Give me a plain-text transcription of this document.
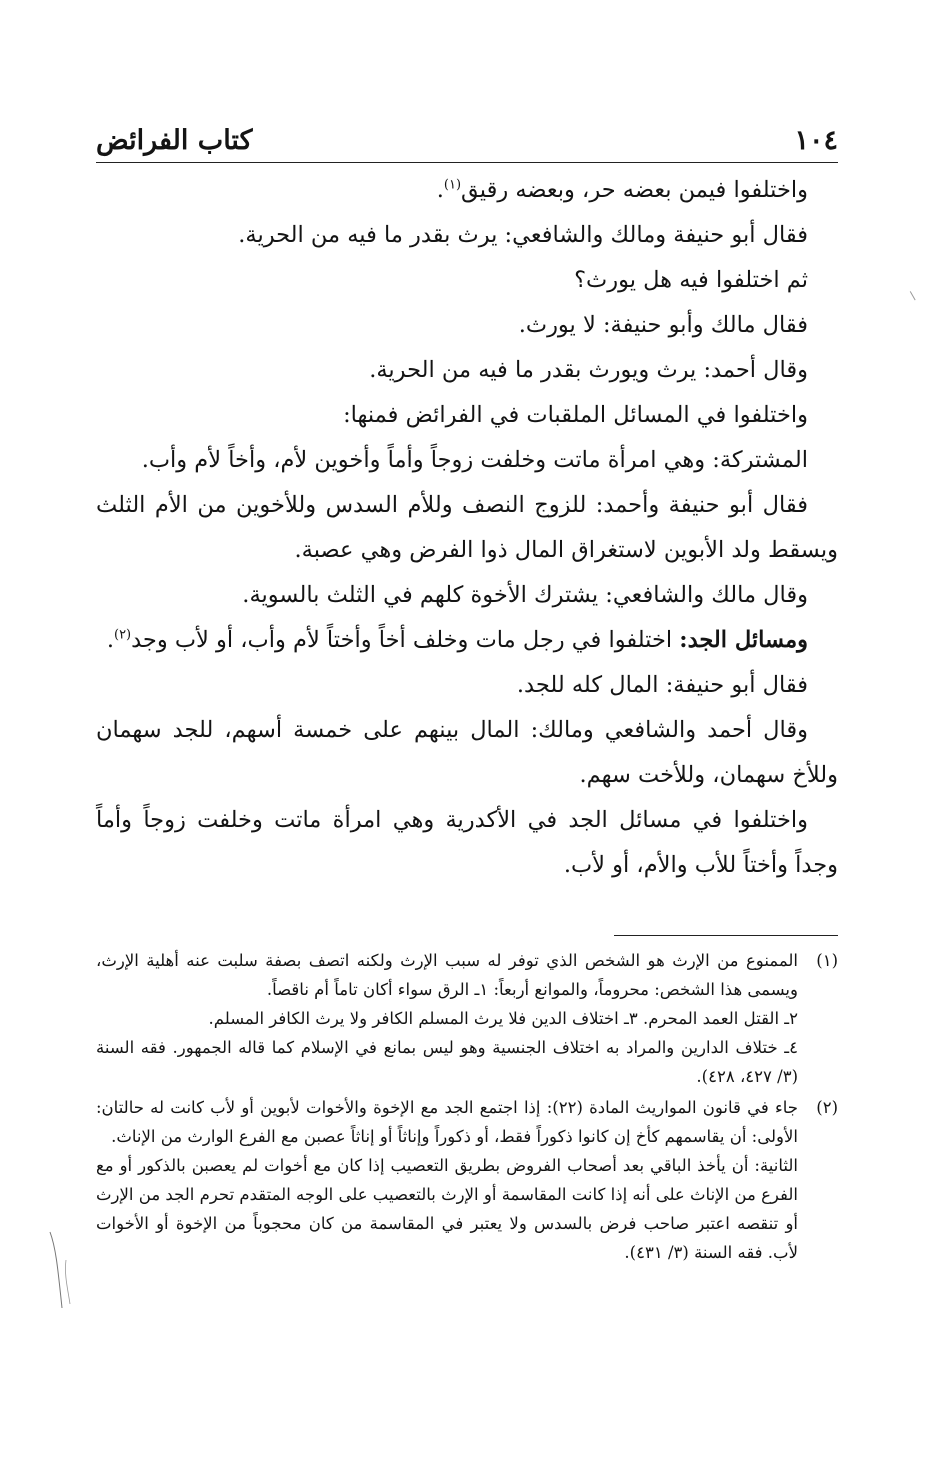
كتاب الفرائض	١٠٤

واختلفوا فيمن بعضه حر، وبعضه رقيق$^{(١)}$.

فقال أبو حنيفة ومالك والشافعي: يرث بقدر ما فيه من الحرية.

ثم اختلفوا فيه هل يورث؟

فقال مالك وأبو حنيفة: لا يورث.

وقال أحمد: يرث ويورث بقدر ما فيه من الحرية.

واختلفوا في المسائل الملقبات في الفرائض فمنها:

المشتركة: وهي امرأة ماتت وخلفت زوجاً وأماً وأخوين لأم، وأخاً لأم وأب.

فقال أبو حنيفة وأحمد: للزوج النصف وللأم السدس وللأخوين من الأم الثلث ويسقط ولد الأبوين لاستغراق المال ذوا الفرض وهي عصبة.

وقال مالك والشافعي: يشترك الأخوة كلهم في الثلث بالسوية.

ومسائل الجد: اختلفوا في رجل مات وخلف أخاً وأختاً لأم وأب، أو لأب وجد$^{(٢)}$.

فقال أبو حنيفة: المال كله للجد.

وقال أحمد والشافعي ومالك: المال بينهم على خمسة أسهم، للجد سهمان وللأخ سهمان، وللأخت سهم.

واختلفوا في مسائل الجد في الأكدرية وهي امرأة ماتت وخلفت زوجاً وأماً وجداً وأختاً للأب والأم، أو لأب.

(١)
الممنوع من الإرث هو الشخص الذي توفر له سبب الإرث ولكنه اتصف بصفة سلبت عنه أهلية الإرث، ويسمى هذا الشخص: محروماً، والموانع أربعاً: ١ـ الرق سواء أكان تاماً أم ناقصاً.
٢ـ القتل العمد المحرم. ٣ـ اختلاف الدين فلا يرث المسلم الكافر ولا يرث الكافر المسلم.
٤ـ ختلاف الدارين والمراد به اختلاف الجنسية وهو ليس بمانع في الإسلام كما قاله الجمهور. فقه السنة (٣/ ٤٢٧، ٤٢٨).
(٢)
جاء في قانون المواريث المادة (٢٢): إذا اجتمع الجد مع الإخوة والأخوات لأبوين أو لأب كانت له حالتان: الأولى: أن يقاسمهم كأخ إن كانوا ذكوراً فقط، أو ذكوراً وإناثاً أو إناثاً عصبن مع الفرع الوارث من الإناث.
الثانية: أن يأخذ الباقي بعد أصحاب الفروض بطريق التعصيب إذا كان مع أخوات لم يعصبن بالذكور أو مع الفرع من الإناث على أنه إذا كانت المقاسمة أو الإرث بالتعصيب على الوجه المتقدم تحرم الجد من الإرث أو تنقصه اعتبر صاحب فرض بالسدس ولا يعتبر في المقاسمة من كان محجوباً من الإخوة أو الأخوات لأب. فقه السنة (٣/ ٤٣١).
